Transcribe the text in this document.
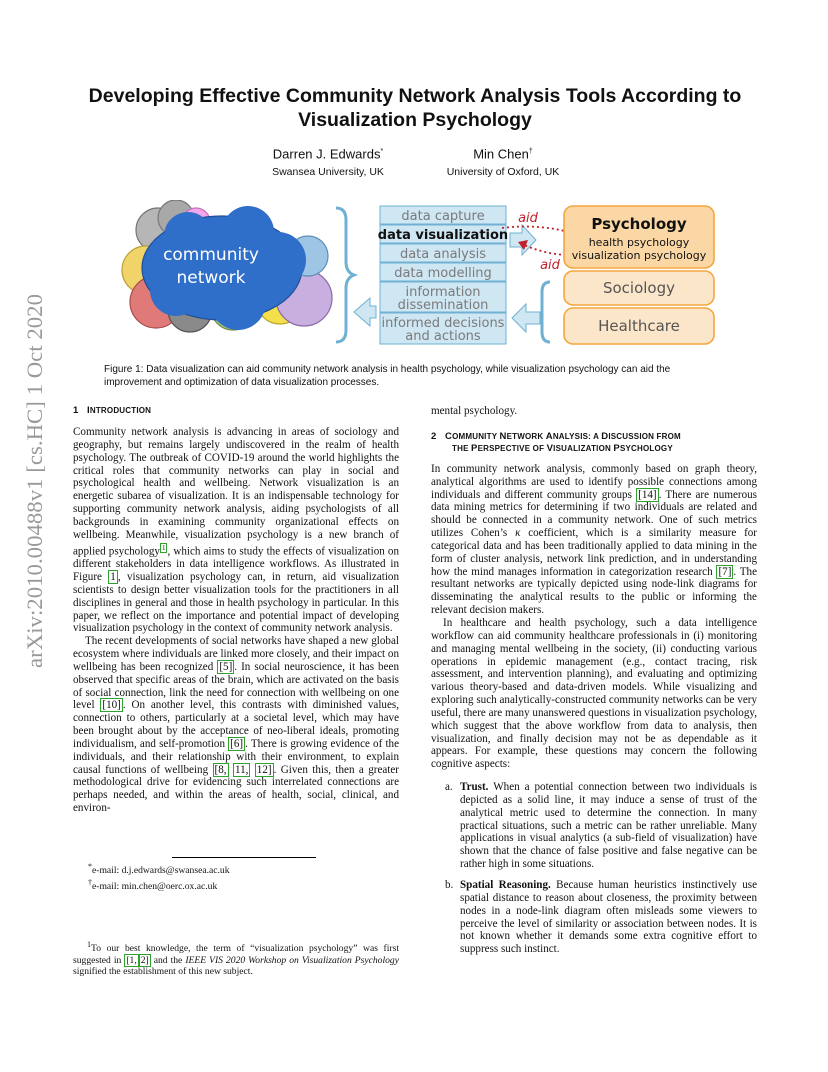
arXiv:2010.00488v1 [cs.HC] 1 Oct 2020
Developing Effective Community Network Analysis Tools According to Visualization Psychology
Darren J. Edwards*
Swansea University, UK
Min Chen†
University of Oxford, UK
community
network
data capture
data visualization
data analysis
data modelling
information
dissemination
informed decisions
and actions
aid
aid
Psychology
health psychology
visualization psychology
Sociology
Healthcare
Figure 1: Data visualization can aid community network analysis in health psychology, while visualization psychology can aid the improvement and optimization of data visualization processes.
1 INTRODUCTION

Community network analysis is advancing in areas of sociology and geography, but remains largely undiscovered in the realm of health psychology. The outbreak of COVID-19 around the world highlights the critical roles that community networks can play in social and psychological health and wellbeing. Network visualization is an energetic subarea of visualization. It is an indispensable technology for supporting community network analysis, aiding psychologists of all backgrounds in examining community organizational effects on wellbeing. Meanwhile, visualization psychology is a new branch of applied psychology $^1$ , which aims to study the effects of visualization on different stakeholders in data intelligence workflows. As illustrated in Figure 1 , visualization psychology can, in return, aid visualization scientists to design better visualization tools for the practitioners in all disciplines in general and those in health psychology in particular. In this paper, we reflect on the importance and potential impact of developing visualization psychology in the context of community network analysis.

The recent developments of social networks have shaped a new global ecosystem where individuals are linked more closely, and their impact on wellbeing has been recognized [5] . In social neuroscience, it has been observed that specific areas of the brain, which are activated on the basis of social connection, link the need for connection with wellbeing on one level [10] . On another level, this contrasts with diminished values, connection to others, particularly at a societal level, which may have been brought about by the acceptance of neo-liberal ideals, promoting individualism, and self-promotion [6] . There is growing evidence of the individuals, and their relationship with their environment, to explain causal functions of wellbeing [8, 11, 12] . Given this, then a greater methodological drive for evidencing such interrelated connections are perhaps needed, and within the areas of health, social, clinical, and environ-

*e-mail: d.j.edwards@swansea.ac.uk
†e-mail: min.chen@oerc.ox.ac.uk
$^1$To our best knowledge, the term of “visualization psychology” was first suggested in [1, 2] and the IEEE VIS 2020 Workshop on Visualization Psychology signified the establishment of this new subject.

mental psychology.

2 COMMUNITY NETWORK ANALYSIS: A DISCUSSION FROM
THE PERSPECTIVE OF VISUALIZATION PSYCHOLOGY

In community network analysis, commonly based on graph theory, analytical algorithms are used to identify possible connections among individuals and different community groups [14] . There are numerous data mining metrics for determining if two individuals are related and should be connected in a community network. One of such metrics utilizes Cohen’s κ coefficient, which is a similarity measure for categorical data and has been traditionally applied to data mining in the form of cluster analysis, network link prediction, and in understanding how the mind manages information in categorization research [7] . The resultant networks are typically depicted using node-link diagrams for disseminating the analytical results to the public or informing the relevant decision makers.

In healthcare and health psychology, such a data intelligence workflow can aid community healthcare professionals in (i) monitoring and managing mental wellbeing in the society, (ii) conducting various operations in epidemic management (e.g., contact tracing, risk assessment, and intervention planning), and evaluating and optimizing various theory-based and data-driven models. While visualizing and exploring such analytically-constructed community networks can be very useful, there are many unanswered questions in visualization psychology, which suggest that the above workflow from data to analysis, then visualization, and finally decision may not be as dependable as it appears. For example, these questions may concern the following cognitive aspects:

a. Trust. When a potential connection between two individuals is depicted as a solid line, it may induce a sense of trust of the analytical metric used to determine the connection. In many practical situations, such a metric can be rather unreliable. Many applications in visual analytics (a sub-field of visualization) have shown that the chance of false positive and false negative can be rather high in some situations.
b. Spatial Reasoning. Because human heuristics instinctively use spatial distance to reason about closeness, the proximity between nodes in a node-link diagram often misleads some viewers to perceive the level of similarity or association between nodes. It is not known whether it demands some extra cognitive effort to suppress such instinct.
